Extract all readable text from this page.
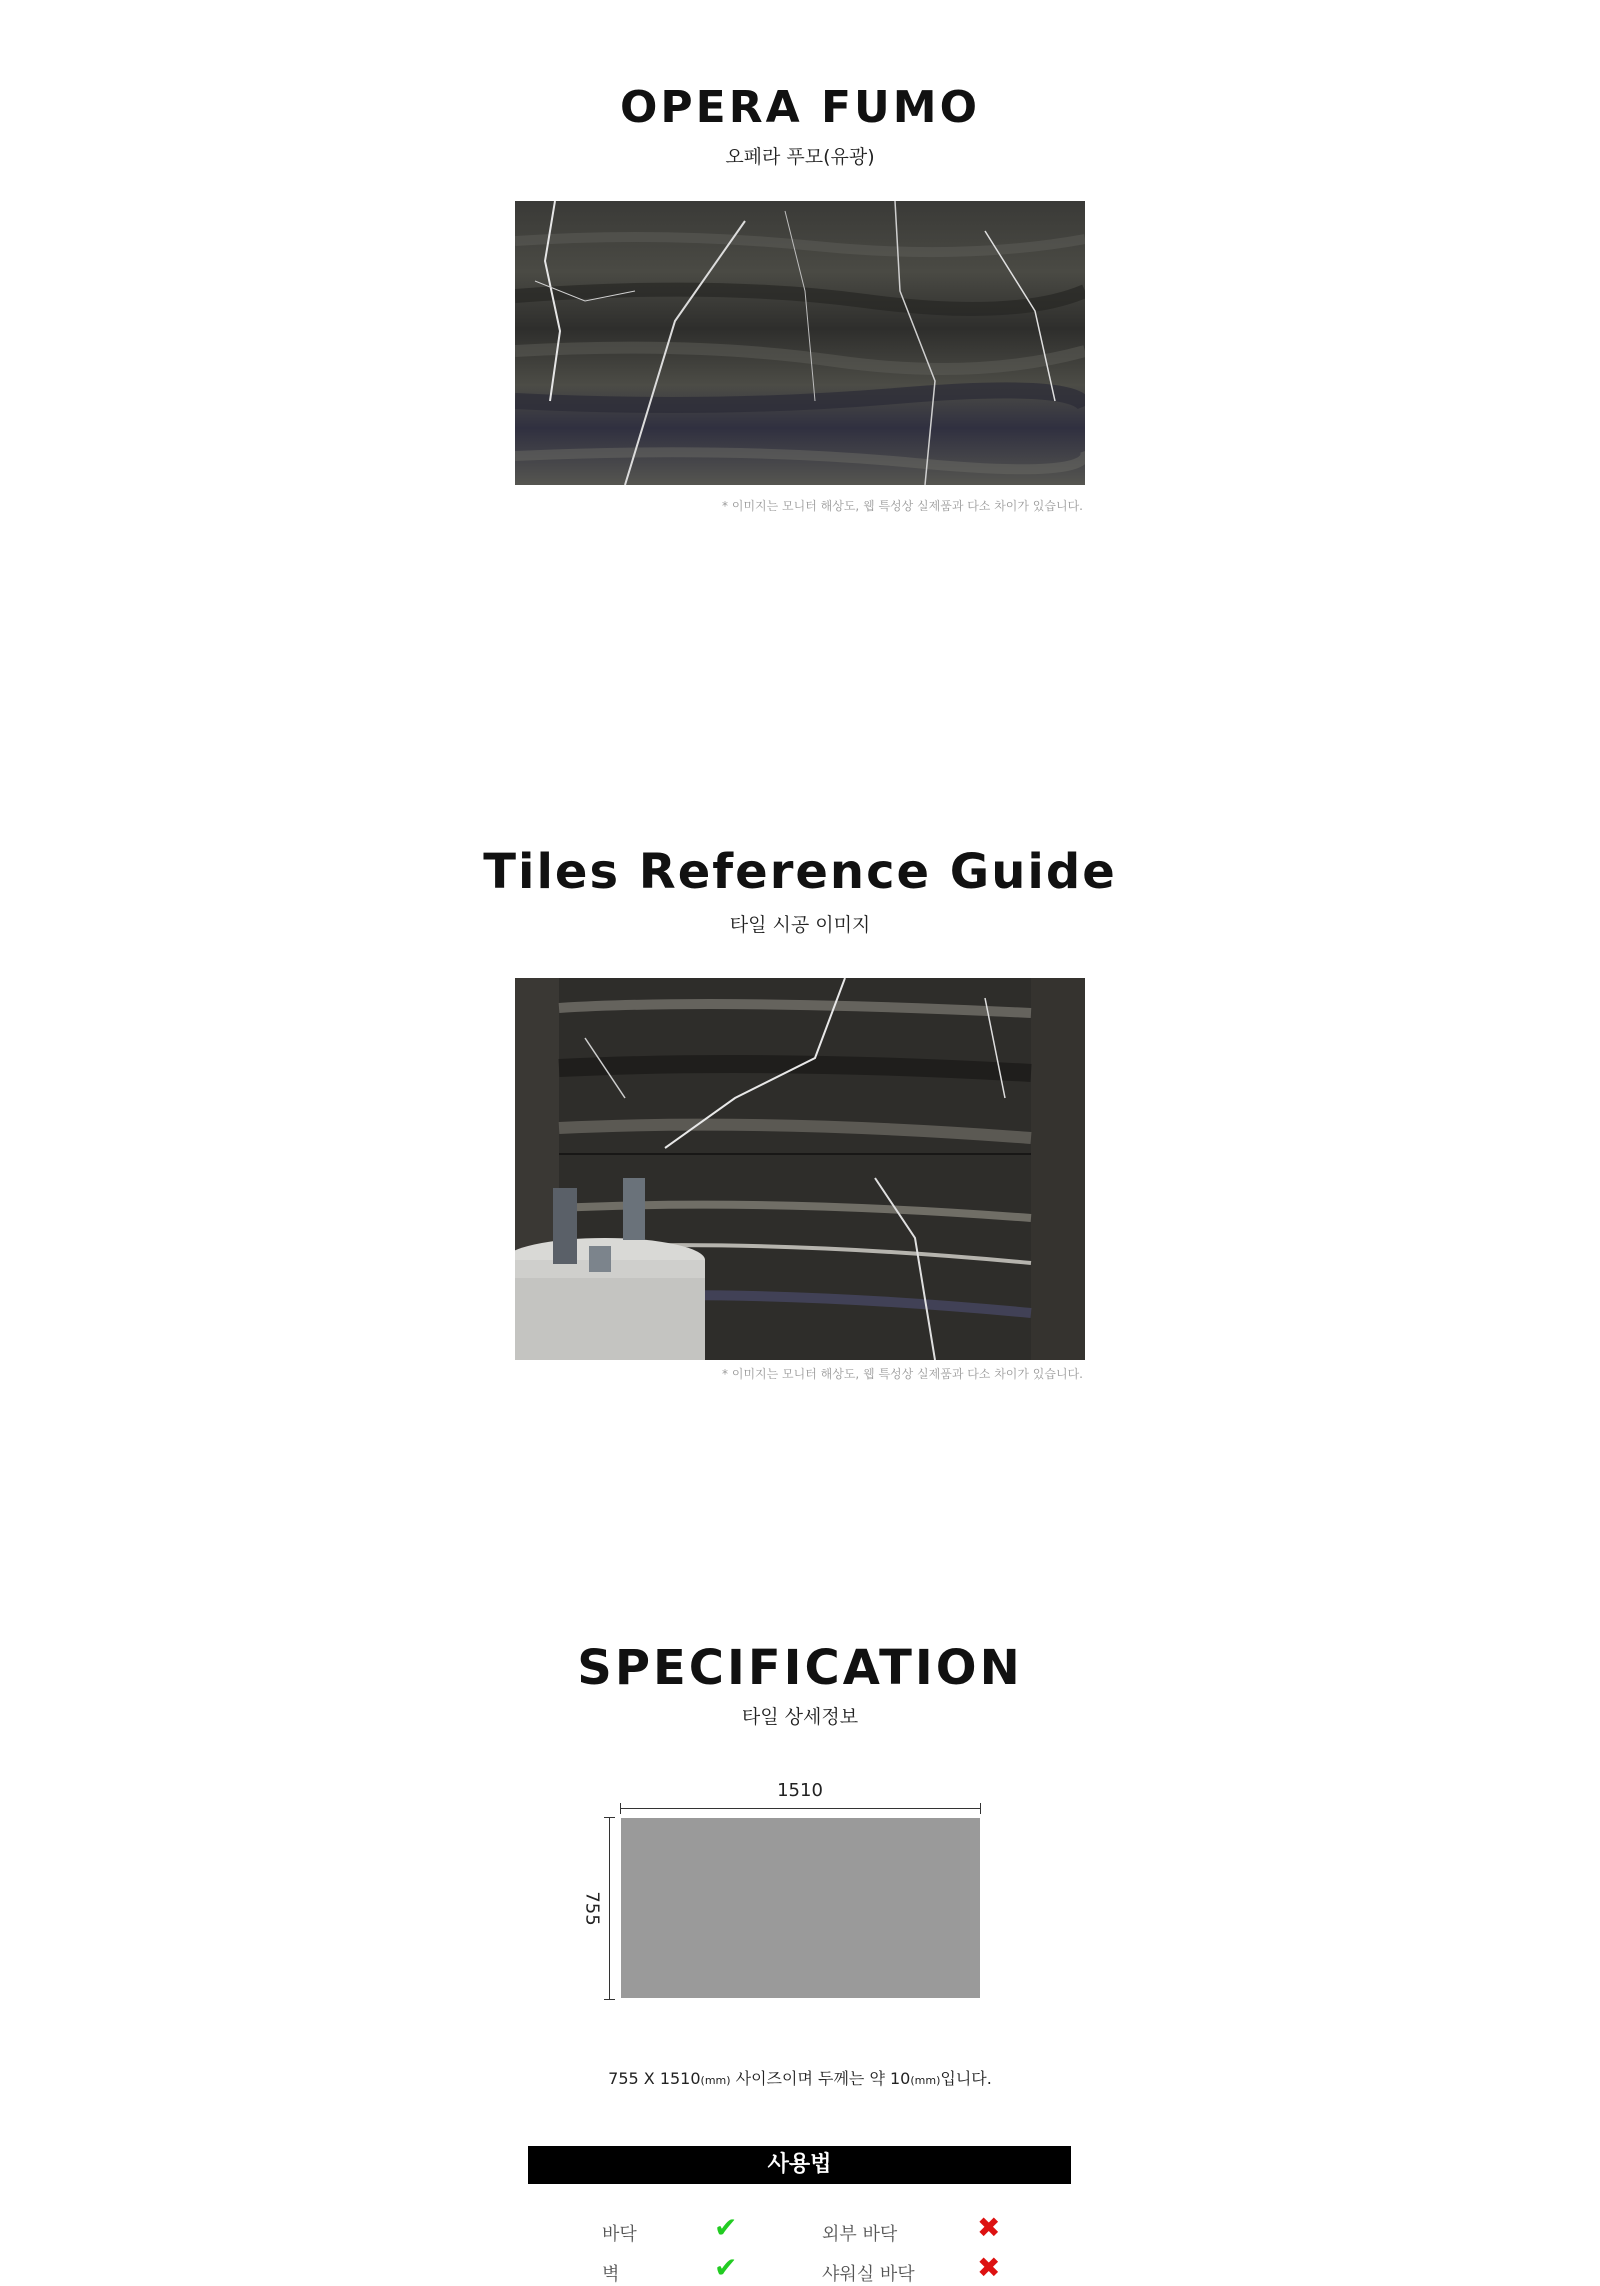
OPERA FUMO
오페라 푸모(유광)
* 이미지는 모니터 해상도, 웹 특성상 실제품과 다소 차이가 있습니다.
Tiles Reference Guide
타일 시공 이미지
* 이미지는 모니터 해상도, 웹 특성상 실제품과 다소 차이가 있습니다.
SPECIFICATION
타일 상세정보
1510
755
755 X 1510(mm) 사이즈이며 두께는 약 10(mm)입니다.
사용법
바닥	✔	외부 바닥	✖
벽	✔	샤워실 바닥 ✖
